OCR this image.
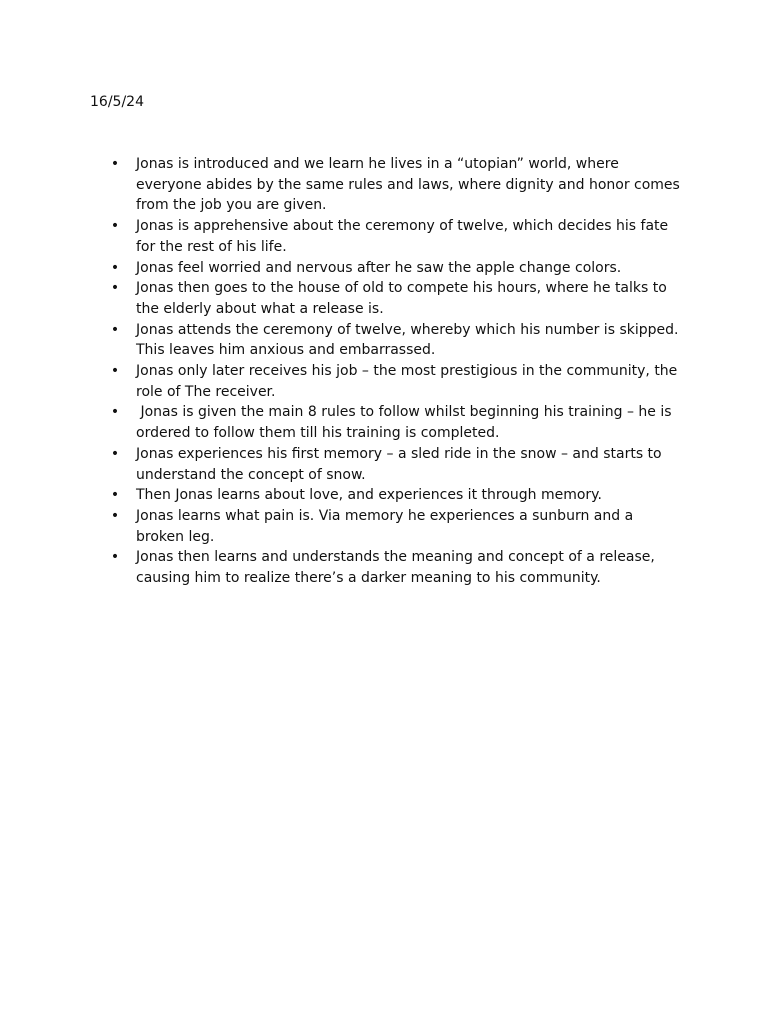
16/5/24

• Jonas is introduced and we learn he lives in a “utopian” world, where everyone abides by the same rules and laws, where dignity and honor comes from the job you are given.
• Jonas is apprehensive about the ceremony of twelve, which decides his fate for the rest of his life.
• Jonas feel worried and nervous after he saw the apple change colors.
• Jonas then goes to the house of old to compete his hours, where he talks to the elderly about what a release is.
• Jonas attends the ceremony of twelve, whereby which his number is skipped. This leaves him anxious and embarrassed.
• Jonas only later receives his job – the most prestigious in the community, the role of The receiver.
• Jonas is given the main 8 rules to follow whilst beginning his training – he is ordered to follow them till his training is completed.
• Jonas experiences his first memory – a sled ride in the snow – and starts to understand the concept of snow.
• Then Jonas learns about love, and experiences it through memory.
• Jonas learns what pain is. Via memory he experiences a sunburn and a broken leg.
• Jonas then learns and understands the meaning and concept of a release, causing him to realize there’s a darker meaning to his community.
